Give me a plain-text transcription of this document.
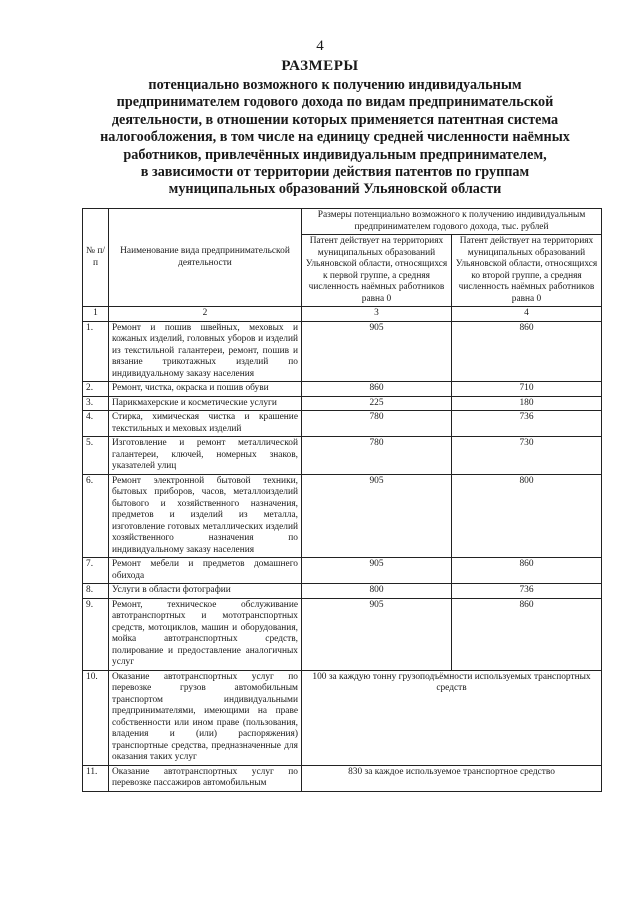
4
РАЗМЕРЫ
потенциально возможного к получению индивидуальным
предпринимателем годового дохода по видам предпринимательской
деятельности, в отношении которых применяется патентная система
налогообложения, в том числе на единицу средней численности наёмных
работников, привлечённых индивидуальным предпринимателем,
в зависимости от территории действия патентов по группам
муниципальных образований Ульяновской области
№ п/п	Наименование вида предпринимательской деятельности	Размеры потенциально возможного к получению индивидуальным предпринимателем годового дохода, тыс. рублей	
		Патент действует на территориях муниципальных образований Ульяновской области, относящихся к первой группе, а средняя численность наёмных работников равна 0	Патент действует на территориях муниципальных образований Ульяновской области, относящихся ко второй группе, а средняя численность наёмных работников равна 0
1	2	3	4
1.	Ремонт и пошив швейных, меховых и кожаных изделий, головных уборов и изделий из текстильной галантереи, ремонт, пошив и вязание трикотажных изделий по индивидуальному заказу населения	905	860
2.	Ремонт, чистка, окраска и пошив обуви	860	710
3.	Парикмахерские и косметические услуги	225	180
4.	Стирка, химическая чистка и крашение текстильных и меховых изделий	780	736
5.	Изготовление и ремонт металлической галантереи, ключей, номерных знаков, указателей улиц	780	730
6.	Ремонт электронной бытовой техники, бытовых приборов, часов, металлоизделий бытового и хозяйственного назначения, предметов и изделий из металла, изготовление готовых металлических изделий хозяйственного назначения по индивидуальному заказу населения	905	800
7.	Ремонт мебели и предметов домашнего обихода	905	860
8.	Услуги в области фотографии	800	736
9.	Ремонт, техническое обслуживание автотранспортных и мототранспортных средств, мотоциклов, машин и оборудования, мойка автотранспортных средств, полирование и предоставление аналогичных услуг	905	860
10.	Оказание автотранспортных услуг по перевозке грузов автомобильным транспортом индивидуальными предпринимателями, имеющими на праве собственности или ином праве (пользования, владения и (или) распоряжения) транспортные средства, предназначенные для оказания таких услуг	100 за каждую тонну грузоподъёмности используемых транспортных средств	
11.	Оказание автотранспортных услуг по перевозке пассажиров автомобильным	830 за каждое используемое транспортное средство	
